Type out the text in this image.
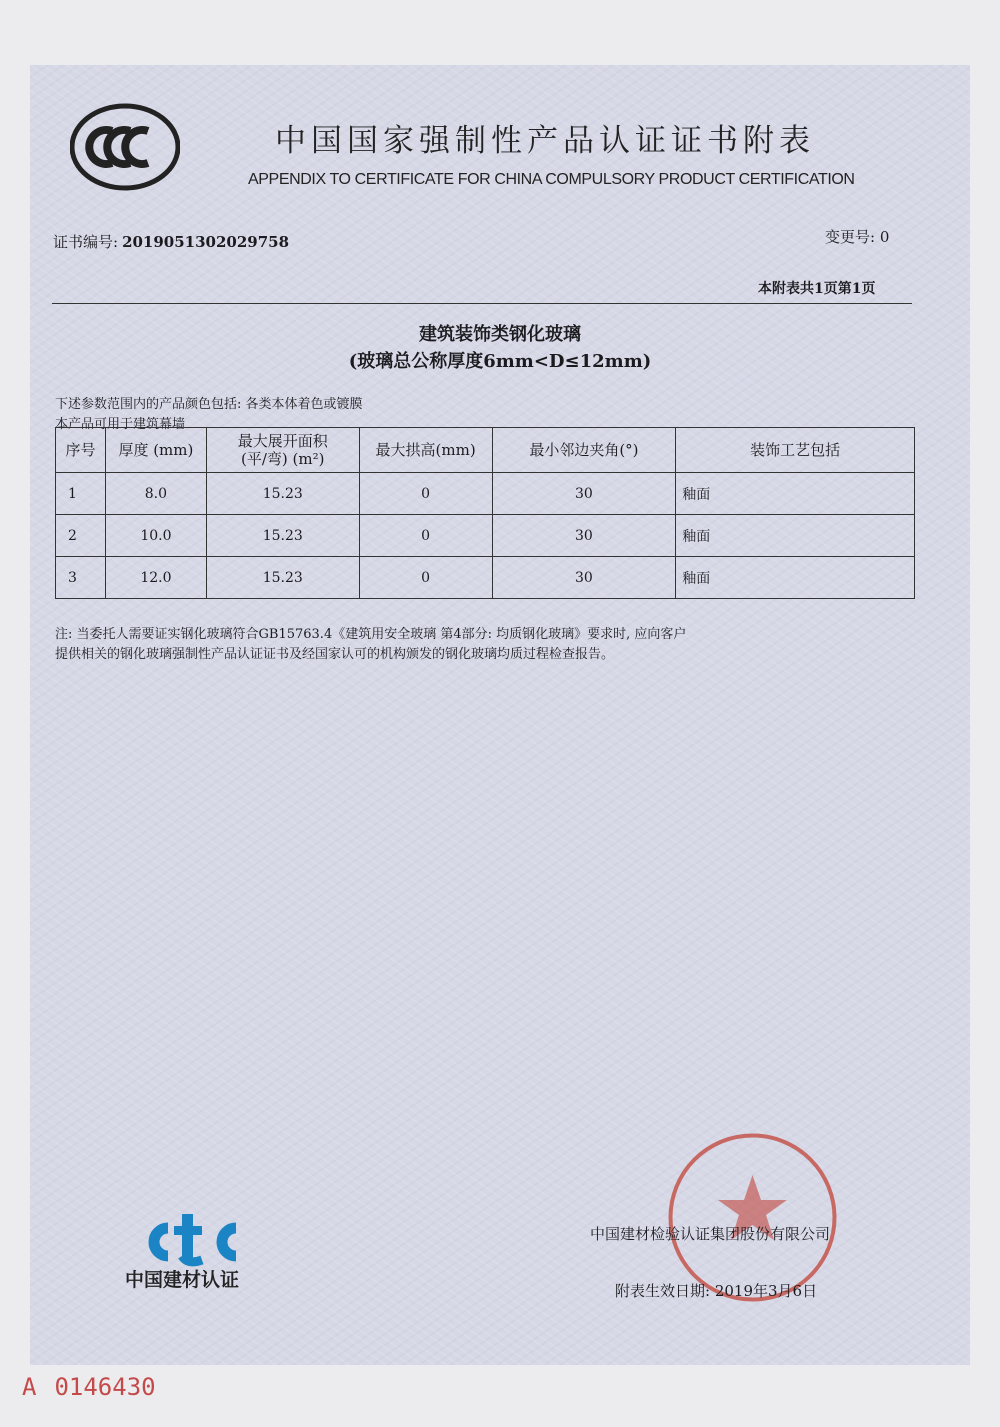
中国国家强制性产品认证证书附表
APPENDIX TO CERTIFICATE FOR CHINA COMPULSORY PRODUCT CERTIFICATION
证书编号: 2019051302029758	变更号: 0
本附表共1页第1页
建筑装饰类钢化玻璃
(玻璃总公称厚度6mm<D≤12mm)
下述参数范围内的产品颜色包括: 各类本体着色或镀膜
本产品可用于建筑幕墙
序号	厚度 (mm)	最大展开面积
(平/弯) (m²)	最大拱高(mm)	最小邻边夹角(°)	装饰工艺包括
1	8.0	15.23	0	30	釉面
2	10.0	15.23	0	30	釉面
3	12.0	15.23	0	30	釉面
注: 当委托人需要证实钢化玻璃符合GB15763.4《建筑用安全玻璃 第4部分: 均质钢化玻璃》要求时, 应向客户
提供相关的钢化玻璃强制性产品认证证书及经国家认可的机构颁发的钢化玻璃均质过程检查报告。
中国建材认证
中国建材检验认证集团股份有限公司
附表生效日期: 2019年3月6日
A 0146430
